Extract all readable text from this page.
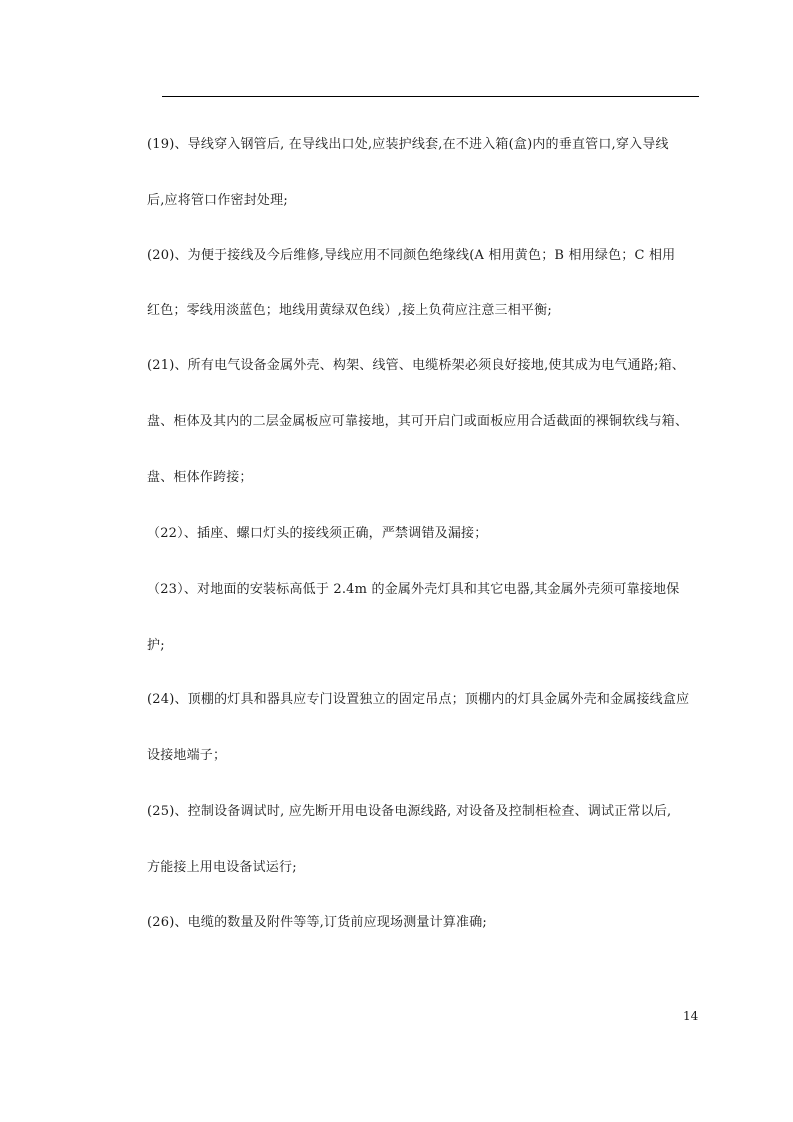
(19)、导线穿入钢管后, 在导线出口处,应装护线套,在不进入箱(盒)内的垂直管口,穿入导线
后,应将管口作密封处理;
(20)、为便于接线及今后维修,导线应用不同颜色绝缘线(A 相用黄色；B 相用绿色；C 相用
红色；零线用淡蓝色；地线用黄绿双色线）,接上负荷应注意三相平衡;
(21)、所有电气设备金属外壳、构架、线管、电缆桥架必须良好接地,使其成为电气通路;箱、
盘、柜体及其内的二层金属板应可靠接地，其可开启门或面板应用合适截面的裸铜软线与箱、
盘、柜体作跨接；
（22）、插座、螺口灯头的接线须正确，严禁调错及漏接；
（23）、对地面的安装标高低于 2.4m 的金属外壳灯具和其它电器,其金属外壳须可靠接地保
护;
(24)、顶棚的灯具和器具应专门设置独立的固定吊点；顶棚内的灯具金属外壳和金属接线盒应
设接地端子；
(25)、控制设备调试时, 应先断开用电设备电源线路, 对设备及控制柜检查、调试正常以后,
方能接上用电设备试运行;
(26)、电缆的数量及附件等等,订货前应现场测量计算准确;
14
